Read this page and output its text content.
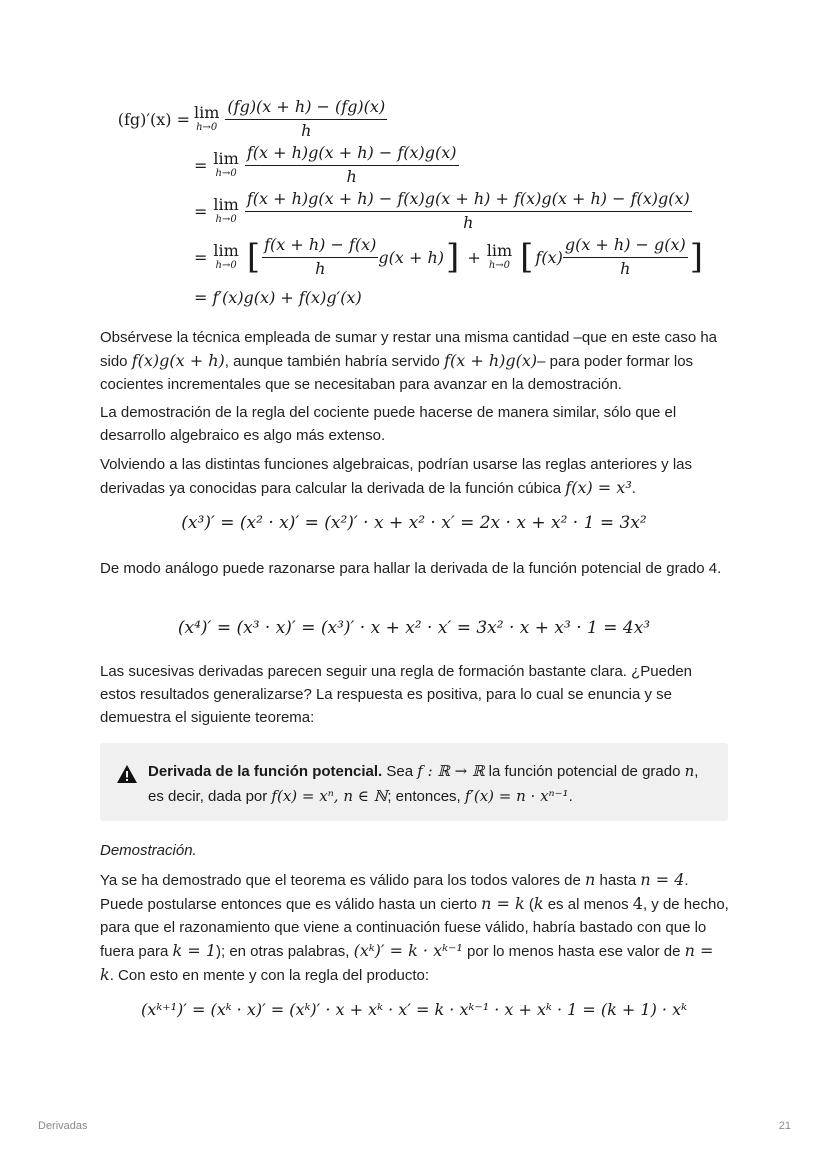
(fg)′(x) = lim
$h\to 0 \frac{(fg)(x + h) - (fg)(x)}{h}$
= lim
$h\to 0 \frac{f(x + h)g(x + h) - f(x)g(x)}{h}$
= lim
$h\to 0 \frac{f(x + h)g(x + h) - f(x)g(x + h) + f(x)g(x + h) - f(x)g(x)}{h}$
= lim
h→0 [ $\frac{f(x + h) - f(x)}{h} g(x + h)$ ] + lim
h→0 [ $f(x) \frac{g(x + h) - g(x)}{h}$ ]
= f′(x)g(x) + f(x)g′(x)
Obsérvese la técnica empleada de sumar y restar una misma cantidad –que en este caso ha sido f(x)g(x + h), aunque también habría servido f(x + h)g(x)– para poder formar los cocientes incrementales que se necesitaban para avanzar en la demostración.
La demostración de la regla del cociente puede hacerse de manera similar, sólo que el desarrollo algebraico es algo más extenso.
Volviendo a las distintas funciones algebraicas, podrían usarse las reglas anteriores y las derivadas ya conocidas para calcular la derivada de la función cúbica f(x) = x³.
(x³)′ = (x² · x)′ = (x²)′ · x + x² · x′ = 2x · x + x² · 1 = 3x²
De modo análogo puede razonarse para hallar la derivada de la función potencial de grado 4.
(x⁴)′ = (x³ · x)′ = (x³)′ · x + x² · x′ = 3x² · x + x³ · 1 = 4x³
Las sucesivas derivadas parecen seguir una regla de formación bastante clara. ¿Pueden estos resultados generalizarse? La respuesta es positiva, para lo cual se enuncia y se demuestra el siguiente teorema:
Derivada de la función potencial. Sea f : ℝ → ℝ la función potencial de grado n, es decir, dada por f(x) = xⁿ, n ∈ ℕ; entonces, f′(x) = n · xⁿ⁻¹.
Demostración.
Ya se ha demostrado que el teorema es válido para los todos valores de n hasta n = 4. Puede postularse entonces que es válido hasta un cierto n = k (k es al menos 4, y de hecho, para que el razonamiento que viene a continuación fuese válido, habría bastado con que lo fuera para k = 1); en otras palabras, (xᵏ)′ = k · xᵏ⁻¹ por lo menos hasta ese valor de n = k. Con esto en mente y con la regla del producto:
(xᵏ⁺¹)′ = (xᵏ · x)′ = (xᵏ)′ · x + xᵏ · x′ = k · xᵏ⁻¹ · x + xᵏ · 1 = (k + 1) · xᵏ
Derivadas	21
